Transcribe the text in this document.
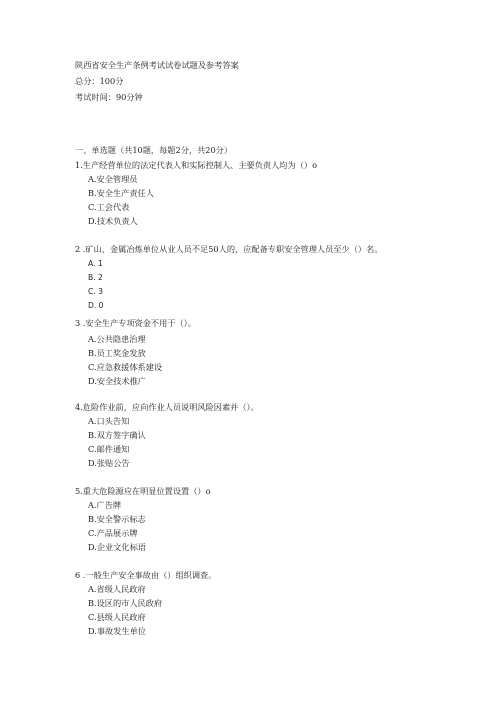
陕西省安全生产条例考试试卷试题及参考答案
总分：100分
考试时间：90分钟
一、单选题（共10题，每题2分，共20分）
1.生产经营单位的法定代表人和实际控制人、主要负责人均为（）o
A.安全管理员
B.安全生产责任人
C.工会代表
D.技术负责人
2 .矿山、金属冶炼单位从业人员不足50人的，应配备专职安全管理人员至少（）名。
A. 1
B. 2
C. 3
D. 0
3 .安全生产专项资金不用于（）。
A.公共隐患治理
B.员工奖金发放
C.应急救援体系建设
D.安全技术推广
4.危险作业前，应向作业人员说明风险因素并（）。
A.口头告知
B.双方签字确认
C.邮件通知
D.张贴公告
5.重大危险源应在明显位置设置（）o
A.广告牌
B.安全警示标志
C.产品展示牌
D.企业文化标语
6 .一般生产安全事故由（）组织调查。
A.省级人民政府
B.设区的市人民政府
C.县级人民政府
D.事故发生单位
